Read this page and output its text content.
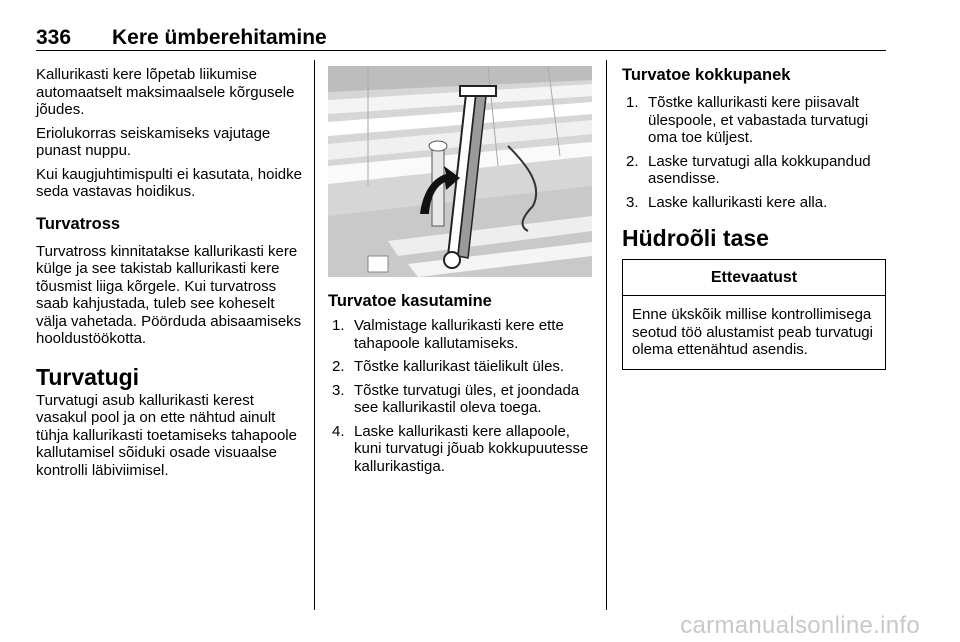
336 Kere ümberehitamine

Kallurikasti kere lõpetab liikumise automaatselt maksimaalsele kõrgusele jõudes.

Eriolukorras seiskamiseks vajutage punast nuppu.

Kui kaugjuhtimispulti ei kasutata, hoidke seda vastavas hoidikus.

Turvatross

Turvatross kinnitatakse kallurikasti kere külge ja see takistab kallurikasti kere tõusmist liiga kõrgele. Kui turvatross saab kahjustada, tuleb see koheselt välja vahetada. Pöörduda abisaamiseks hooldustöökotta.

Turvatugi

Turvatugi asub kallurikasti kerest vasakul pool ja on ette nähtud ainult tühja kallurikasti toetamiseks tahapoole kallutamisel sõiduki osade visuaalse kontrolli läbiviimisel.

Turvatoe kasutamine
1. Valmistage kallurikasti kere ette tahapoole kallutamiseks.
2. Tõstke kallurikast täielikult üles.
3. Tõstke turvatugi üles, et joondada see kallurikastil oleva toega.
4. Laske kallurikasti kere allapoole, kuni turvatugi jõuab kokkupuutesse kallurikastiga.
Turvatoe kokkupanek
1. Tõstke kallurikasti kere piisavalt ülespoole, et vabastada turvatugi oma toe küljest.
2. Laske turvatugi alla kokkupandud asendisse.
3. Laske kallurikasti kere alla.
Hüdroõli tase
Ettevaatust
Enne ükskõik millise kontrollimisega seotud töö alustamist peab turvatugi olema ettenähtud asendis.
carmanualsonline.info
